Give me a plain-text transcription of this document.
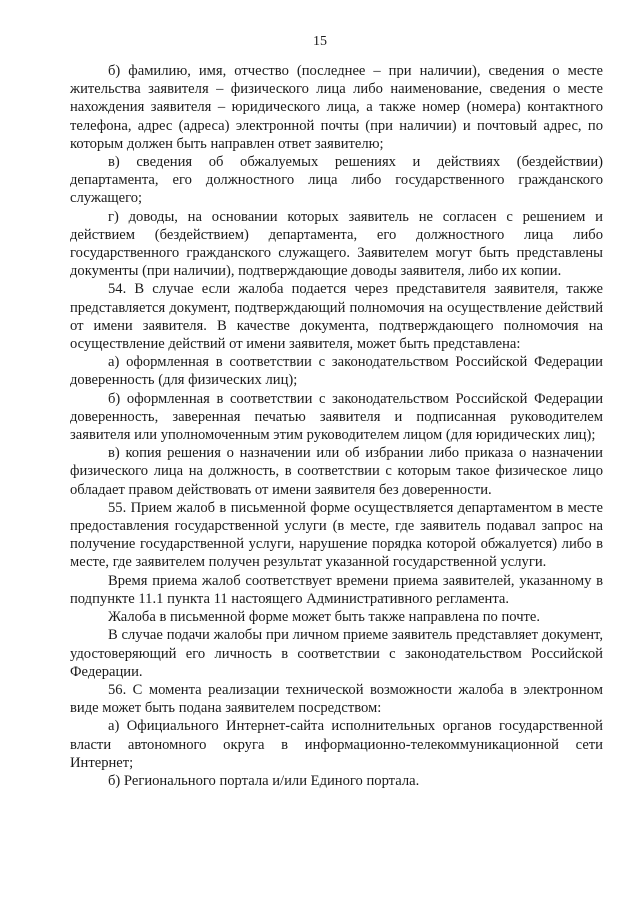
15

б) фамилию, имя, отчество (последнее – при наличии), сведения о месте жительства заявителя – физического лица либо наименование, сведения о месте нахождения заявителя – юридического лица, а также номер (номера) контактного телефона, адрес (адреса) электронной почты (при наличии) и почтовый адрес, по которым должен быть направлен ответ заявителю;

в) сведения об обжалуемых решениях и действиях (бездействии) департамента, его должностного лица либо государственного гражданского служащего;

г) доводы, на основании которых заявитель не согласен с решением и действием (бездействием) департамента, его должностного лица либо государственного гражданского служащего. Заявителем могут быть представлены документы (при наличии), подтверждающие доводы заявителя, либо их копии.

54. В случае если жалоба подается через представителя заявителя, также представляется документ, подтверждающий полномочия на осуществление действий от имени заявителя. В качестве документа, подтверждающего полномочия на осуществление действий от имени заявителя, может быть представлена:

а) оформленная в соответствии с законодательством Российской Федерации доверенность (для физических лиц);

б) оформленная в соответствии с законодательством Российской Федерации доверенность, заверенная печатью заявителя и подписанная руководителем заявителя или уполномоченным этим руководителем лицом (для юридических лиц);

в) копия решения о назначении или об избрании либо приказа о назначении физического лица на должность, в соответствии с которым такое физическое лицо обладает правом действовать от имени заявителя без доверенности.

55. Прием жалоб в письменной форме осуществляется департаментом в месте предоставления государственной услуги (в месте, где заявитель подавал запрос на получение государственной услуги, нарушение порядка которой обжалуется) либо в месте, где заявителем получен результат указанной государственной услуги.

Время приема жалоб соответствует времени приема заявителей, указанному в подпункте 11.1 пункта 11 настоящего Административного регламента.

Жалоба в письменной форме может быть также направлена по почте.

В случае подачи жалобы при личном приеме заявитель представляет документ, удостоверяющий его личность в соответствии с законодательством Российской Федерации.

56. С момента реализации технической возможности жалоба в электронном виде может быть подана заявителем посредством:

а) Официального Интернет-сайта исполнительных органов государственной власти автономного округа в информационно-телекоммуникационной сети Интернет;

б) Регионального портала и/или Единого портала.
